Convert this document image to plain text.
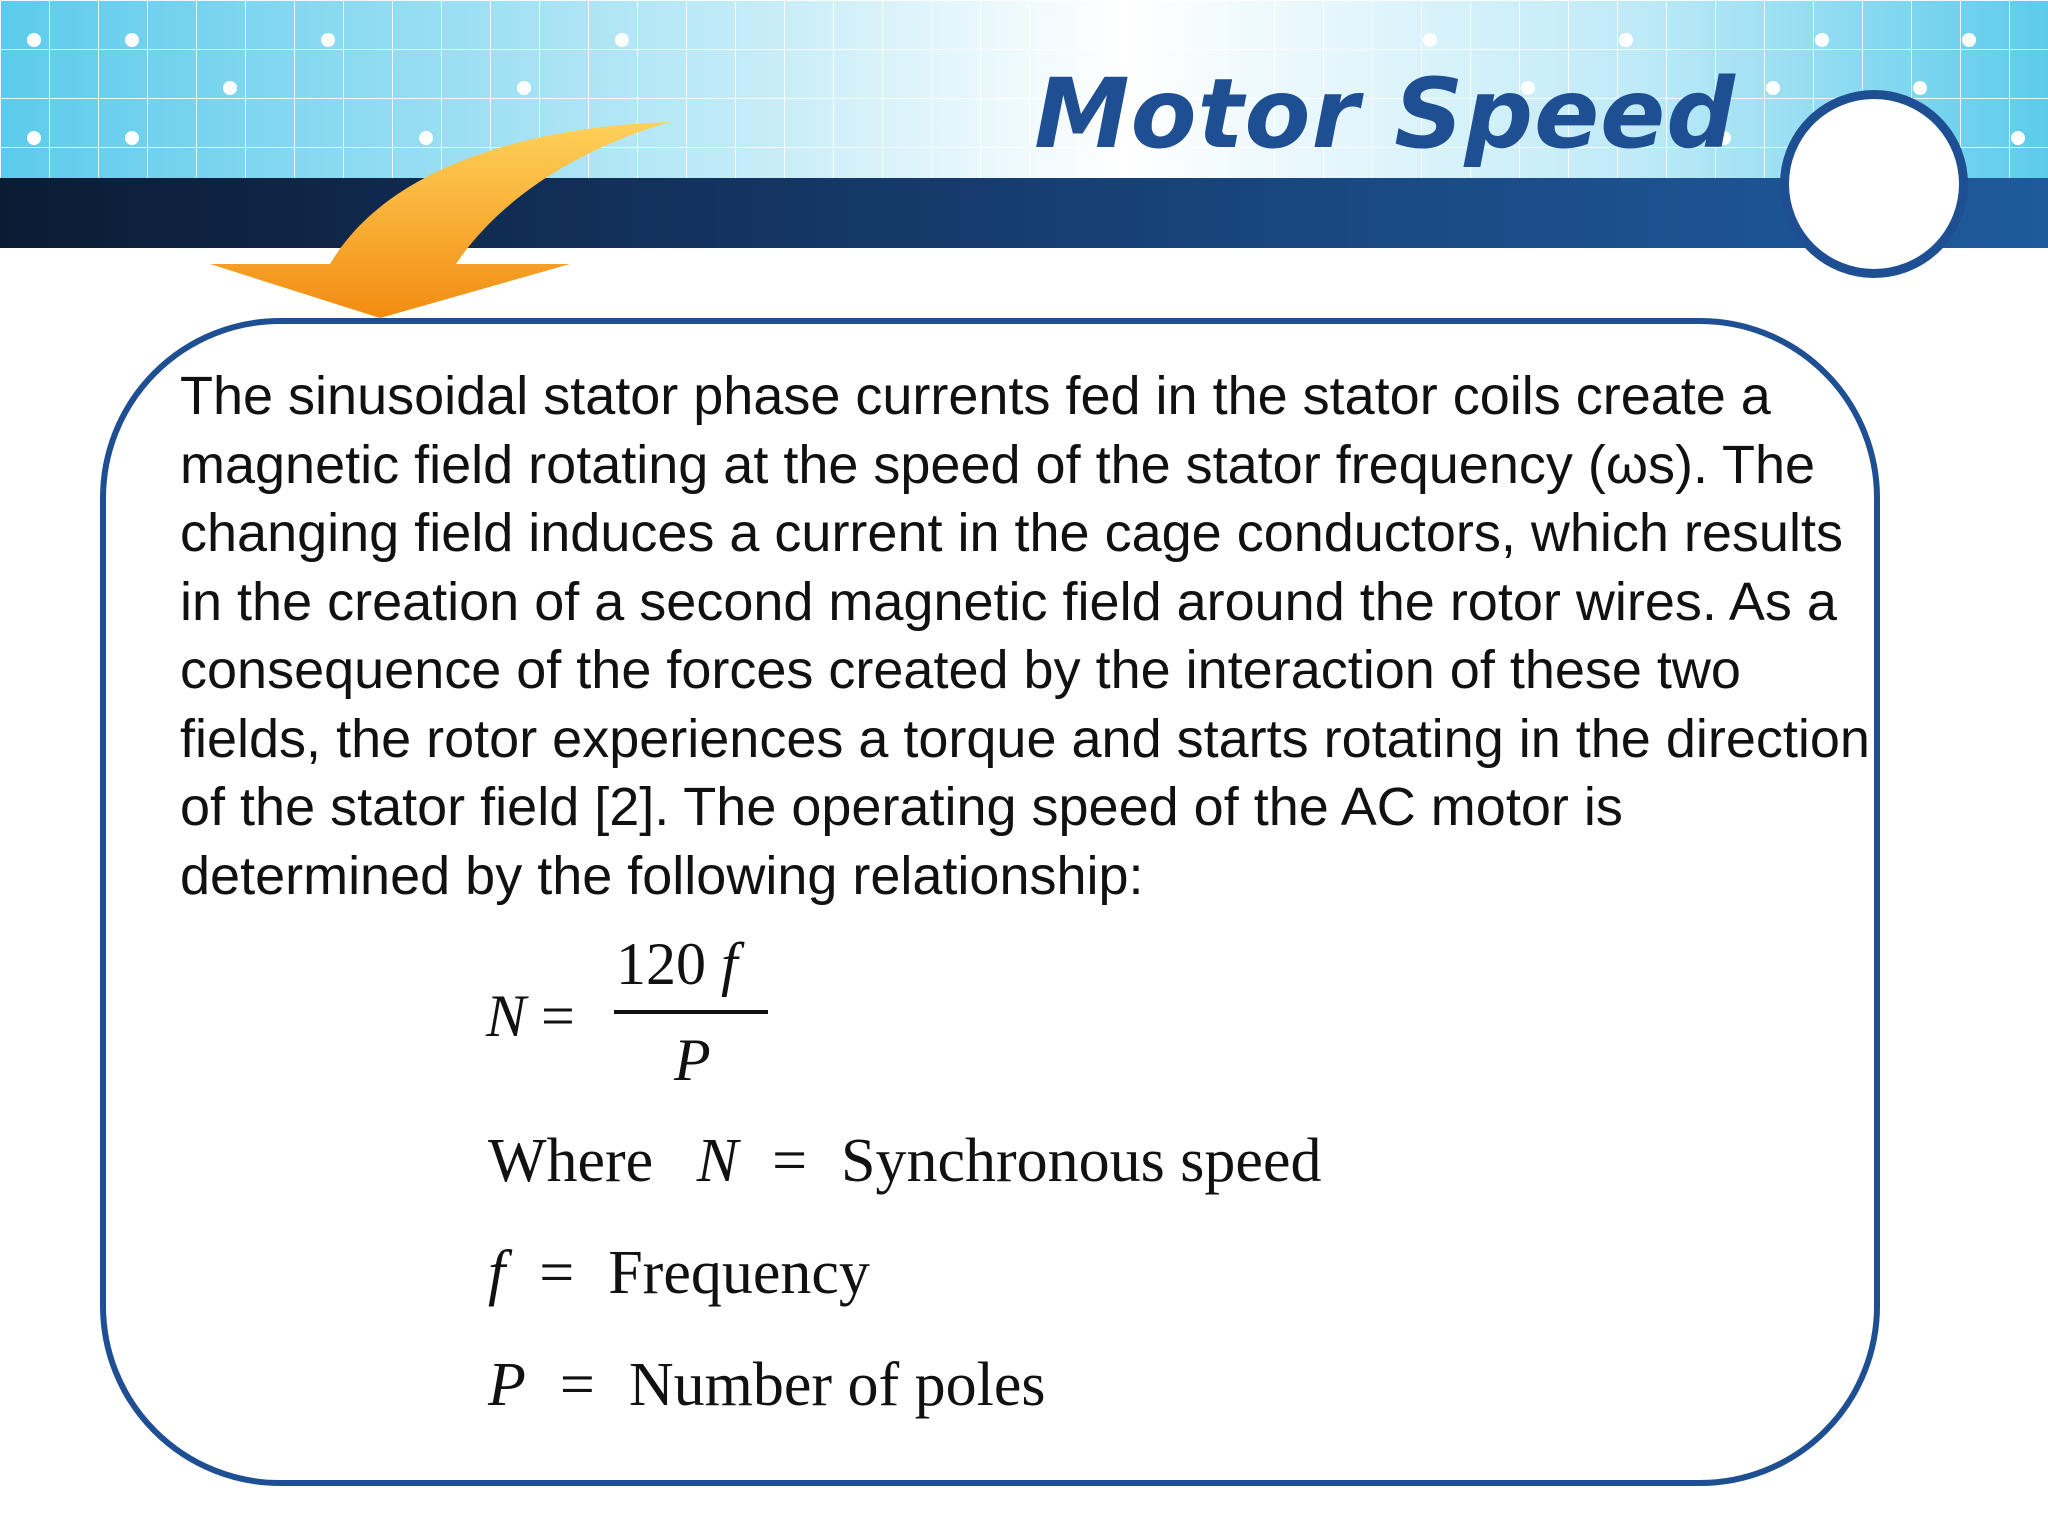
Motor Speed

The sinusoidal stator phase currents fed in the stator coils create a magnetic field rotating at the speed of the stator frequency (ωs). The changing field induces a current in the cage conductors, which results in the creation of a second magnetic field around the rotor wires. As a consequence of the forces created by the interaction of these two fields, the rotor experiences a torque and starts rotating in the direction of the stator field [2]. The operating speed of the AC motor is determined by the following relationship:

N =
120 f
P
Where N = Synchronous speed
f = Frequency
P = Number of poles
